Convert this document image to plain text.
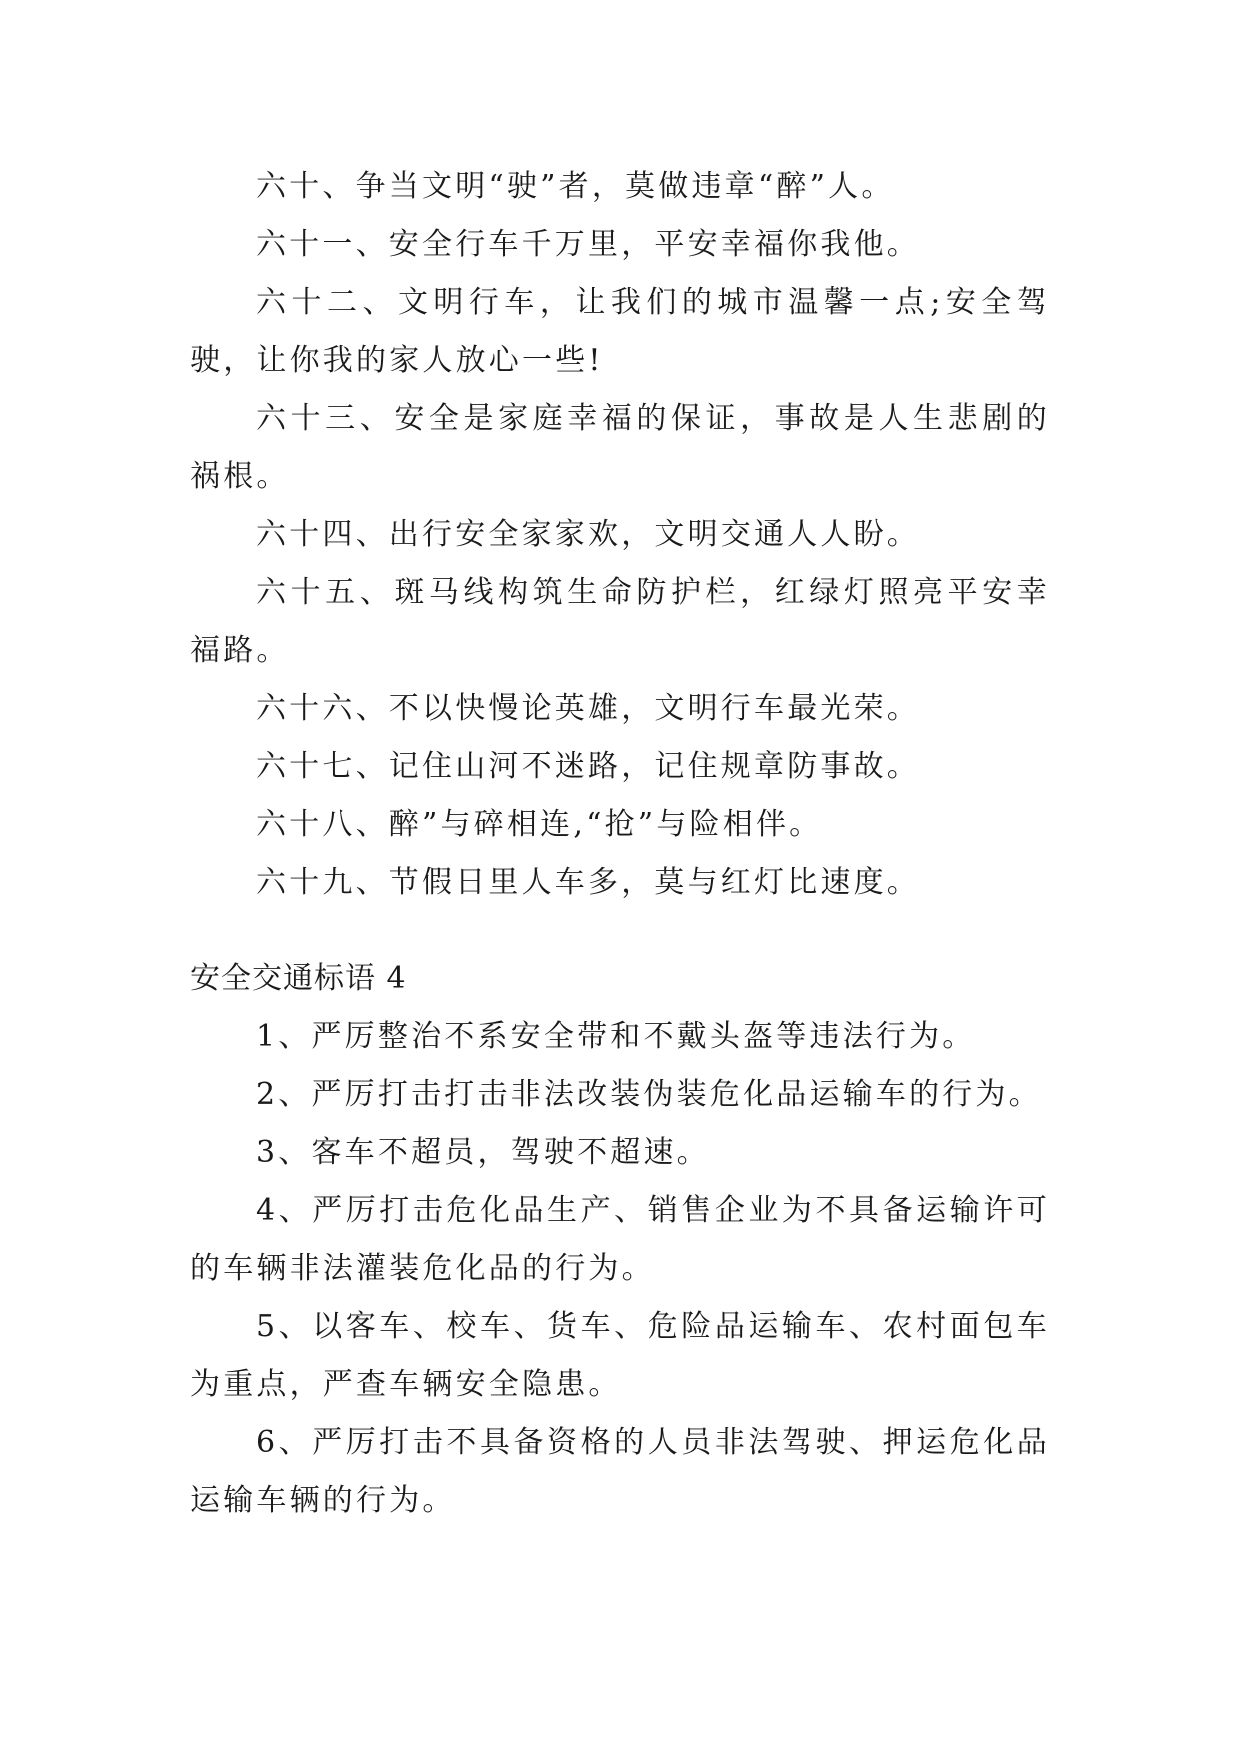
六十、争当文明“驶”者，莫做违章“醉”人。

六十一、安全行车千万里，平安幸福你我他。

六十二、文明行车，让我们的城市温馨一点;安全驾驶，让你我的家人放心一些!

六十三、安全是家庭幸福的保证，事故是人生悲剧的祸根。

六十四、出行安全家家欢，文明交通人人盼。

六十五、斑马线构筑生命防护栏，红绿灯照亮平安幸福路。

六十六、不以快慢论英雄，文明行车最光荣。

六十七、记住山河不迷路，记住规章防事故。

六十八、醉”与碎相连,“抢”与险相伴。

六十九、节假日里人车多，莫与红灯比速度。

安全交通标语 4

1、严厉整治不系安全带和不戴头盔等违法行为。

2、严厉打击打击非法改装伪装危化品运输车的行为。

3、客车不超员，驾驶不超速。

4、严厉打击危化品生产、销售企业为不具备运输许可的车辆非法灌装危化品的行为。

5、以客车、校车、货车、危险品运输车、农村面包车为重点，严查车辆安全隐患。

6、严厉打击不具备资格的人员非法驾驶、押运危化品运输车辆的行为。
